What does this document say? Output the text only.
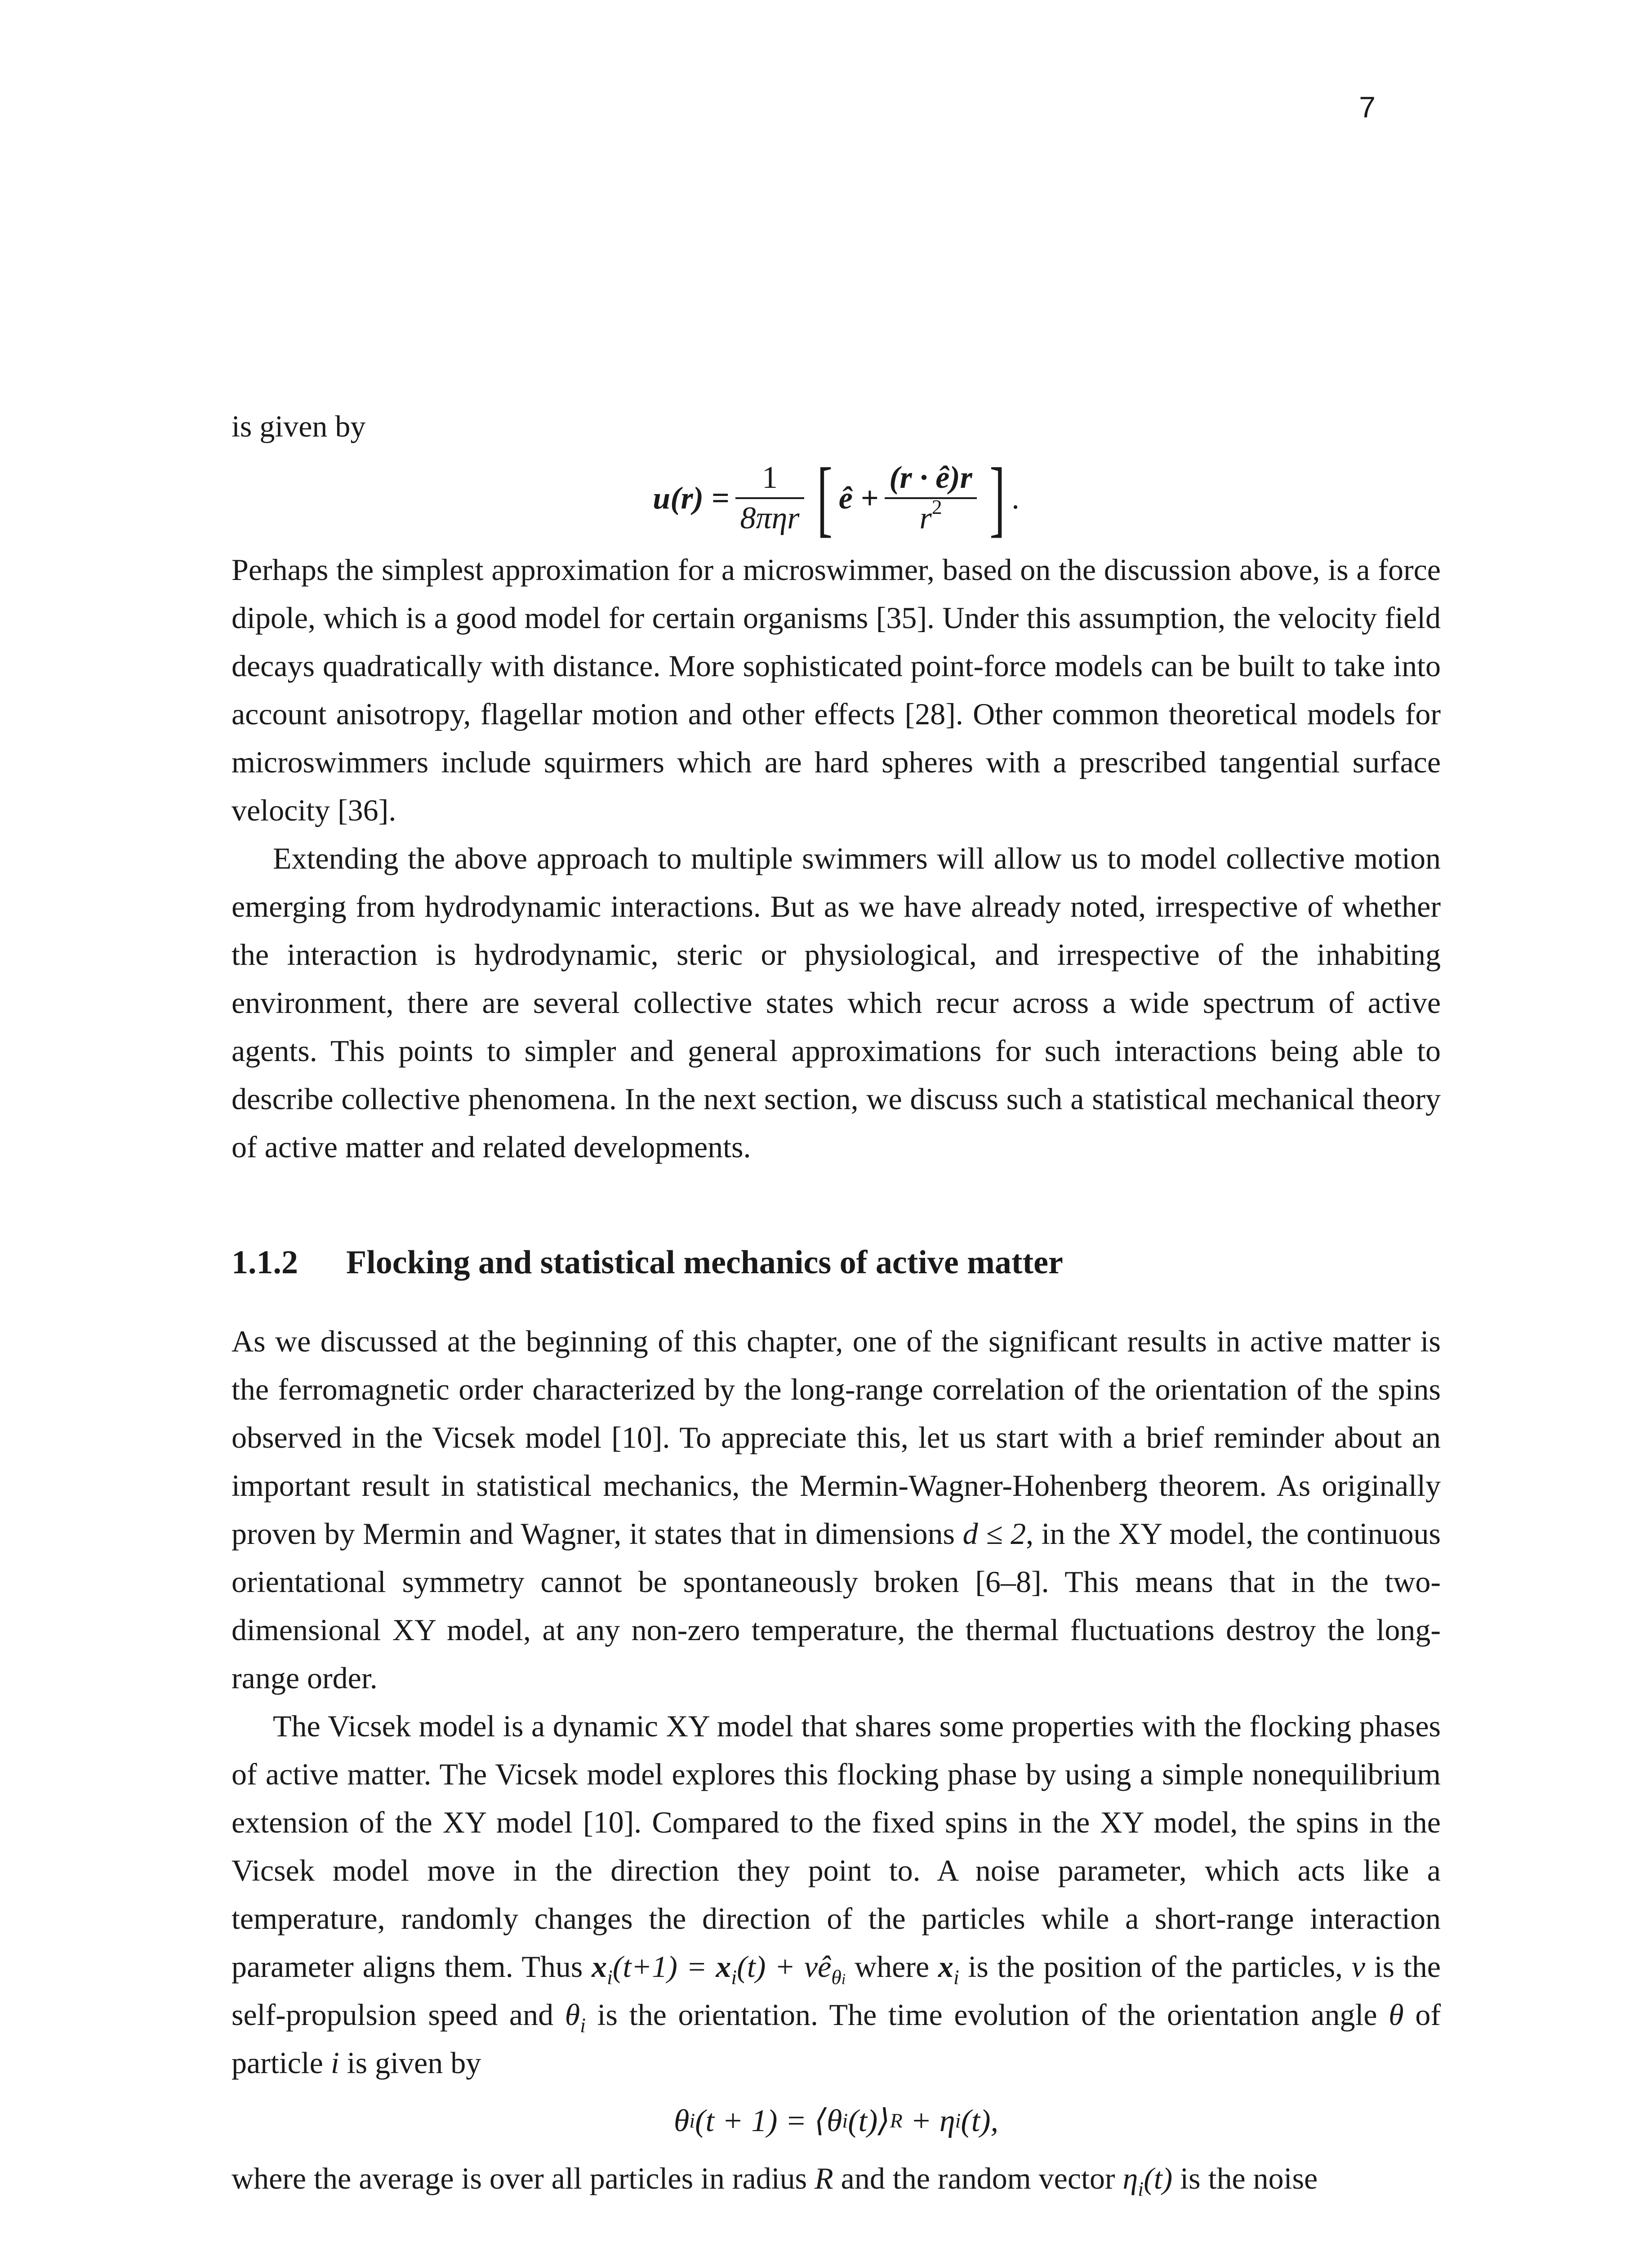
7

is given by

$u(r) = \frac{1}{\text{8πηr}}$ [ ê + $\frac{(r \cdot ê)r}{r^2}$ ] .

Perhaps the simplest approximation for a microswimmer, based on the discussion above, is a force dipole, which is a good model for certain organisms [35]. Under this assumption, the velocity field decays quadratically with distance. More sophisticated point-force models can be built to take into account anisotropy, flagellar motion and other effects [28]. Other common theoretical models for microswimmers include squirmers which are hard spheres with a prescribed tangential surface velocity [36].

Extending the above approach to multiple swimmers will allow us to model collective motion emerging from hydrodynamic interactions. But as we have already noted, irrespective of whether the interaction is hydrodynamic, steric or physiological, and irrespective of the inhabiting environment, there are several collective states which recur across a wide spectrum of active agents. This points to simpler and general approximations for such interactions being able to describe collective phenomena. In the next section, we discuss such a statistical mechanical theory of active matter and related developments.

1.1.2 Flocking and statistical mechanics of active matter

As we discussed at the beginning of this chapter, one of the significant results in active matter is the ferromagnetic order characterized by the long-range correlation of the orientation of the spins observed in the Vicsek model [10]. To appreciate this, let us start with a brief reminder about an important result in statistical mechanics, the Mermin-Wagner-Hohenberg theorem. As originally proven by Mermin and Wagner, it states that in dimensions d ≤ 2, in the XY model, the continuous orientational symmetry cannot be spontaneously broken [6–8]. This means that in the two-dimensional XY model, at any non-zero temperature, the thermal fluctuations destroy the long-range order.

The Vicsek model is a dynamic XY model that shares some properties with the flocking phases of active matter. The Vicsek model explores this flocking phase by using a simple nonequilibrium extension of the XY model [10]. Compared to the fixed spins in the XY model, the spins in the Vicsek model move in the direction they point to. A noise parameter, which acts like a temperature, randomly changes the direction of the particles while a short-range interaction parameter aligns them. Thus $x_i(t+1) = x_i(t)$ + $vê_{\theta i}$ where $x_i$ is the position of the particles, v is the self-propulsion speed and $\theta_i$ is the orientation. The time evolution of the orientation angle θ of particle i is given by

θ i (t + 1) = ⟨θ i (t)⟩ R
+ η i (t),

where the average is over all particles in radius R and the random vector $\eta_i(t)$ is the noise
